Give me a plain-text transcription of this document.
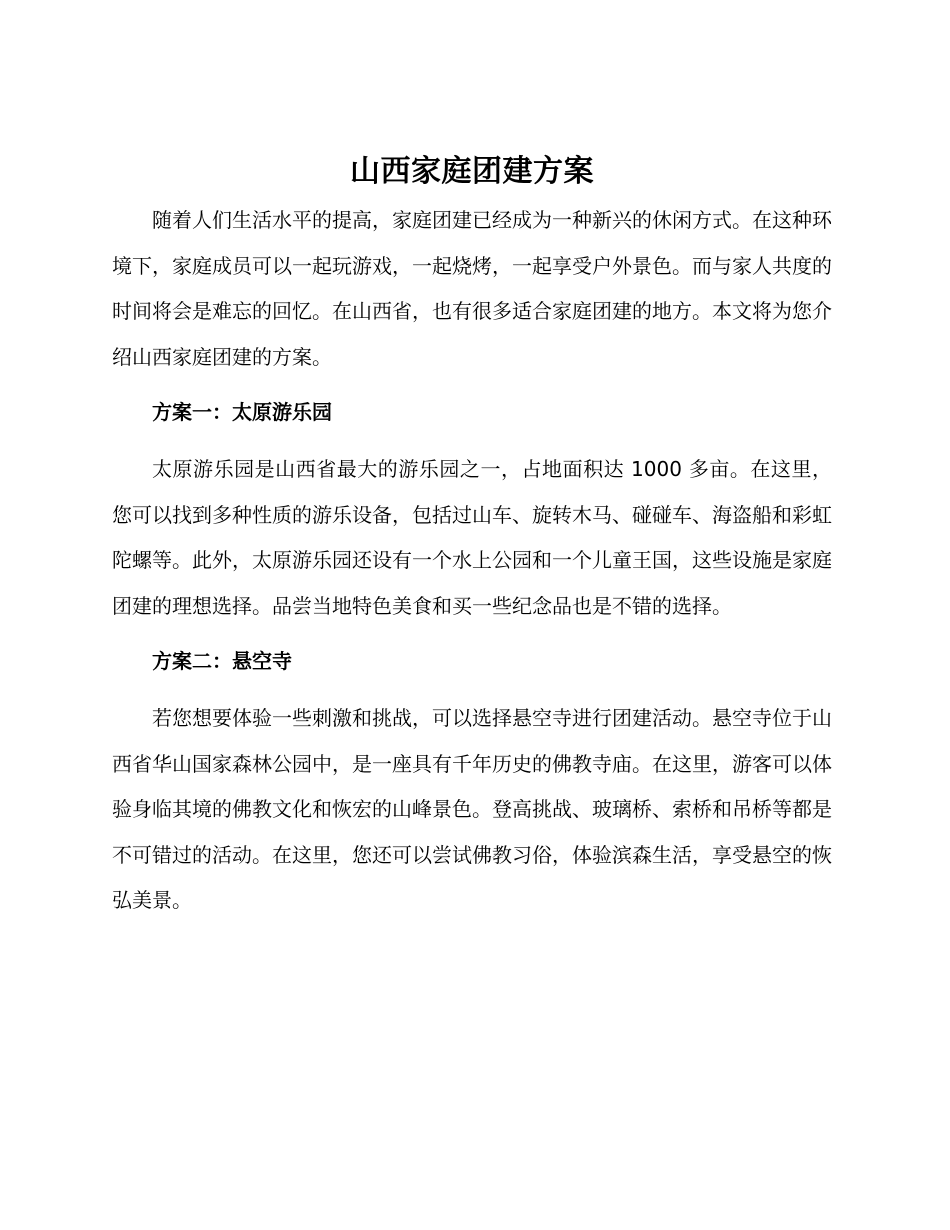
山西家庭团建方案

随着人们生活水平的提高，家庭团建已经成为一种新兴的休闲方式。在这种环境下，家庭成员可以一起玩游戏，一起烧烤，一起享受户外景色。而与家人共度的时间将会是难忘的回忆。在山西省，也有很多适合家庭团建的地方。本文将为您介绍山西家庭团建的方案。

方案一：太原游乐园

太原游乐园是山西省最大的游乐园之一，占地面积达 1000 多亩。在这里，您可以找到多种性质的游乐设备，包括过山车、旋转木马、碰碰车、海盗船和彩虹陀螺等。此外，太原游乐园还设有一个水上公园和一个儿童王国，这些设施是家庭团建的理想选择。品尝当地特色美食和买一些纪念品也是不错的选择。

方案二：悬空寺

若您想要体验一些刺激和挑战，可以选择悬空寺进行团建活动。悬空寺位于山西省华山国家森林公园中，是一座具有千年历史的佛教寺庙。在这里，游客可以体验身临其境的佛教文化和恢宏的山峰景色。登高挑战、玻璃桥、索桥和吊桥等都是不可错过的活动。在这里，您还可以尝试佛教习俗，体验滨森生活，享受悬空的恢弘美景。
